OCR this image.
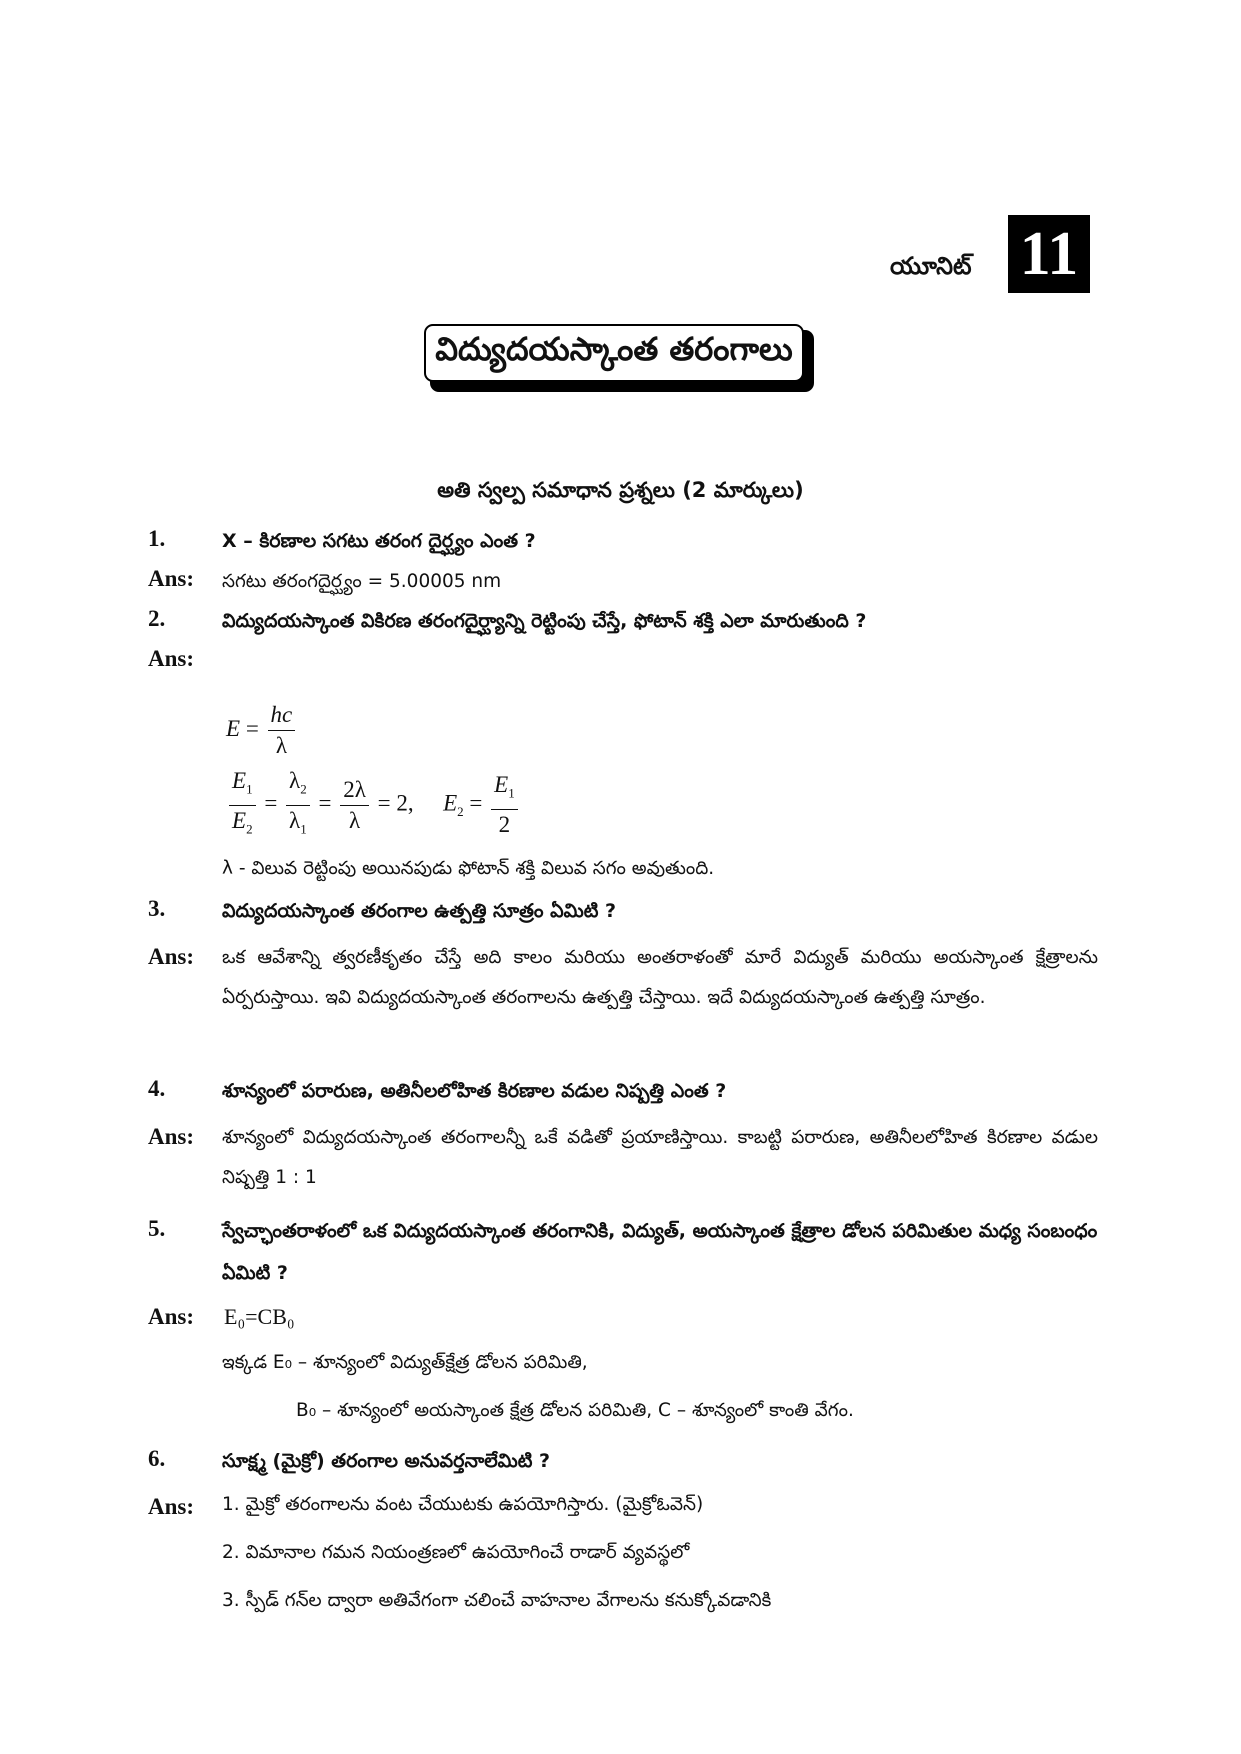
యూనిట్ 11
విద్యుదయస్కాంత తరంగాలు
అతి స్వల్ప సమాధాన ప్రశ్నలు (2 మార్కులు)
1.	X – కిరణాల సగటు తరంగ దైర్ఘ్యం ఎంత ?
Ans: సగటు తరంగదైర్ఘ్యం = 5.00005 nm
2.	విద్యుదయస్కాంత వికిరణ తరంగదైర్ఘ్యాన్ని రెట్టింపు చేస్తే, ఫోటాన్ శక్తి ఎలా మారుతుంది ?
Ans:
$E = \frac{hc}{\lambda}$
$\frac{E_1}{E_2} = \frac{\lambda_2}{\lambda_1} = \frac{2\lambda}{\lambda} = 2$, $E_2 = \frac{E_1}{2}$
λ - విలువ రెట్టింపు అయినపుడు ఫోటాన్ శక్తి విలువ సగం అవుతుంది.
3.	విద్యుదయస్కాంత తరంగాల ఉత్పత్తి సూత్రం ఏమిటి ?
Ans: ఒక ఆవేశాన్ని త్వరణీకృతం చేస్తే అది కాలం మరియు అంతరాళంతో మారే విద్యుత్ మరియు అయస్కాంత క్షేత్రాలను ఏర్పరుస్తాయి. ఇవి విద్యుదయస్కాంత తరంగాలను ఉత్పత్తి చేస్తాయి. ఇదే విద్యుదయస్కాంత ఉత్పత్తి సూత్రం.
4.	శూన్యంలో పరారుణ, అతినీలలోహిత కిరణాల వడుల నిష్పత్తి ఎంత ?
Ans: శూన్యంలో విద్యుదయస్కాంత తరంగాలన్నీ ఒకే వడితో ప్రయాణిస్తాయి. కాబట్టి పరారుణ, అతినీలలోహిత కిరణాల వడుల నిష్పత్తి 1 : 1
5.	స్వేచ్ఛాంతరాళంలో ఒక విద్యుదయస్కాంత తరంగానికి, విద్యుత్, అయస్కాంత క్షేత్రాల డోలన పరిమితుల మధ్య సంబంధం ఏమిటి ?
Ans: E₀=CB₀
ఇక్కడ E₀ – శూన్యంలో విద్యుత్‌క్షేత్ర డోలన పరిమితి,
B₀ – శూన్యంలో అయస్కాంత క్షేత్ర డోలన పరిమితి, C – శూన్యంలో కాంతి వేగం.
6.	సూక్ష్మ (మైక్రో) తరంగాల అనువర్తనాలేమిటి ?
Ans: 1. మైక్రో తరంగాలను వంట చేయుటకు ఉపయోగిస్తారు. (మైక్రోఓవెన్)
2. విమానాల గమన నియంత్రణలో ఉపయోగించే రాడార్ వ్యవస్థలో
3. స్పీడ్ గన్‌ల ద్వారా అతివేగంగా చలించే వాహనాల వేగాలను కనుక్కోవడానికి
